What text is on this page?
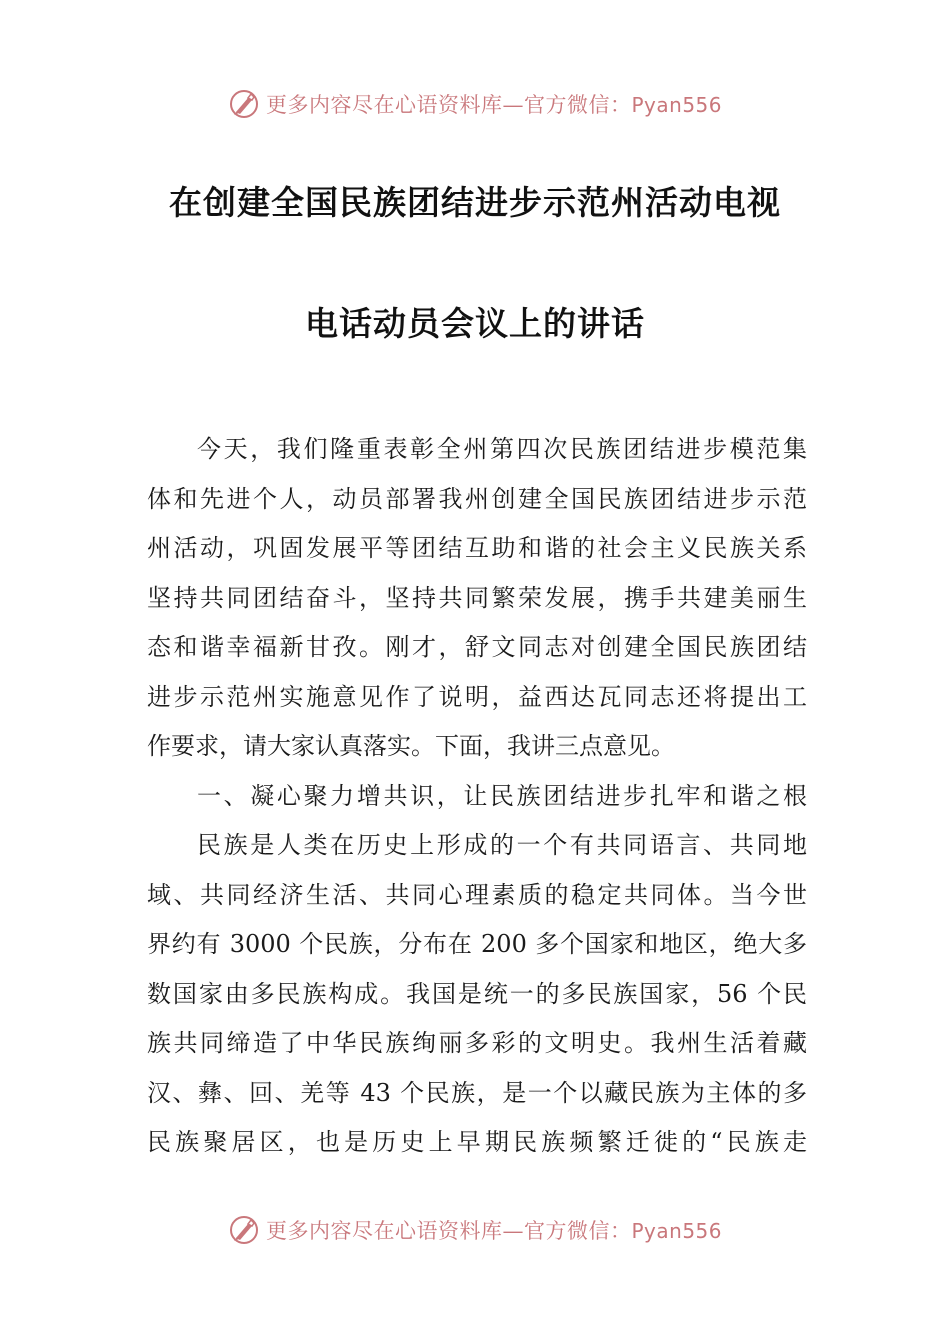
更多内容尽在心语资料库—官方微信：Pyan556
在创建全国民族团结进步示范州活动电视
电话动员会议上的讲话
今天，我们隆重表彰全州第四次民族团结进步模范集
体和先进个人，动员部署我州创建全国民族团结进步示范
州活动，巩固发展平等团结互助和谐的社会主义民族关系
坚持共同团结奋斗，坚持共同繁荣发展，携手共建美丽生
态和谐幸福新甘孜。刚才，舒文同志对创建全国民族团结
进步示范州实施意见作了说明，益西达瓦同志还将提出工
作要求，请大家认真落实。下面，我讲三点意见。
一、凝心聚力增共识，让民族团结进步扎牢和谐之根
民族是人类在历史上形成的一个有共同语言、共同地
域、共同经济生活、共同心理素质的稳定共同体。当今世
界约有 3000 个民族，分布在 200 多个国家和地区，绝大多
数国家由多民族构成。我国是统一的多民族国家，56 个民
族共同缔造了中华民族绚丽多彩的文明史。我州生活着藏
汉、彝、回、羌等 43 个民族，是一个以藏民族为主体的多
民族聚居区，也是历史上早期民族频繁迁徙的“民族走
更多内容尽在心语资料库—官方微信：Pyan556
